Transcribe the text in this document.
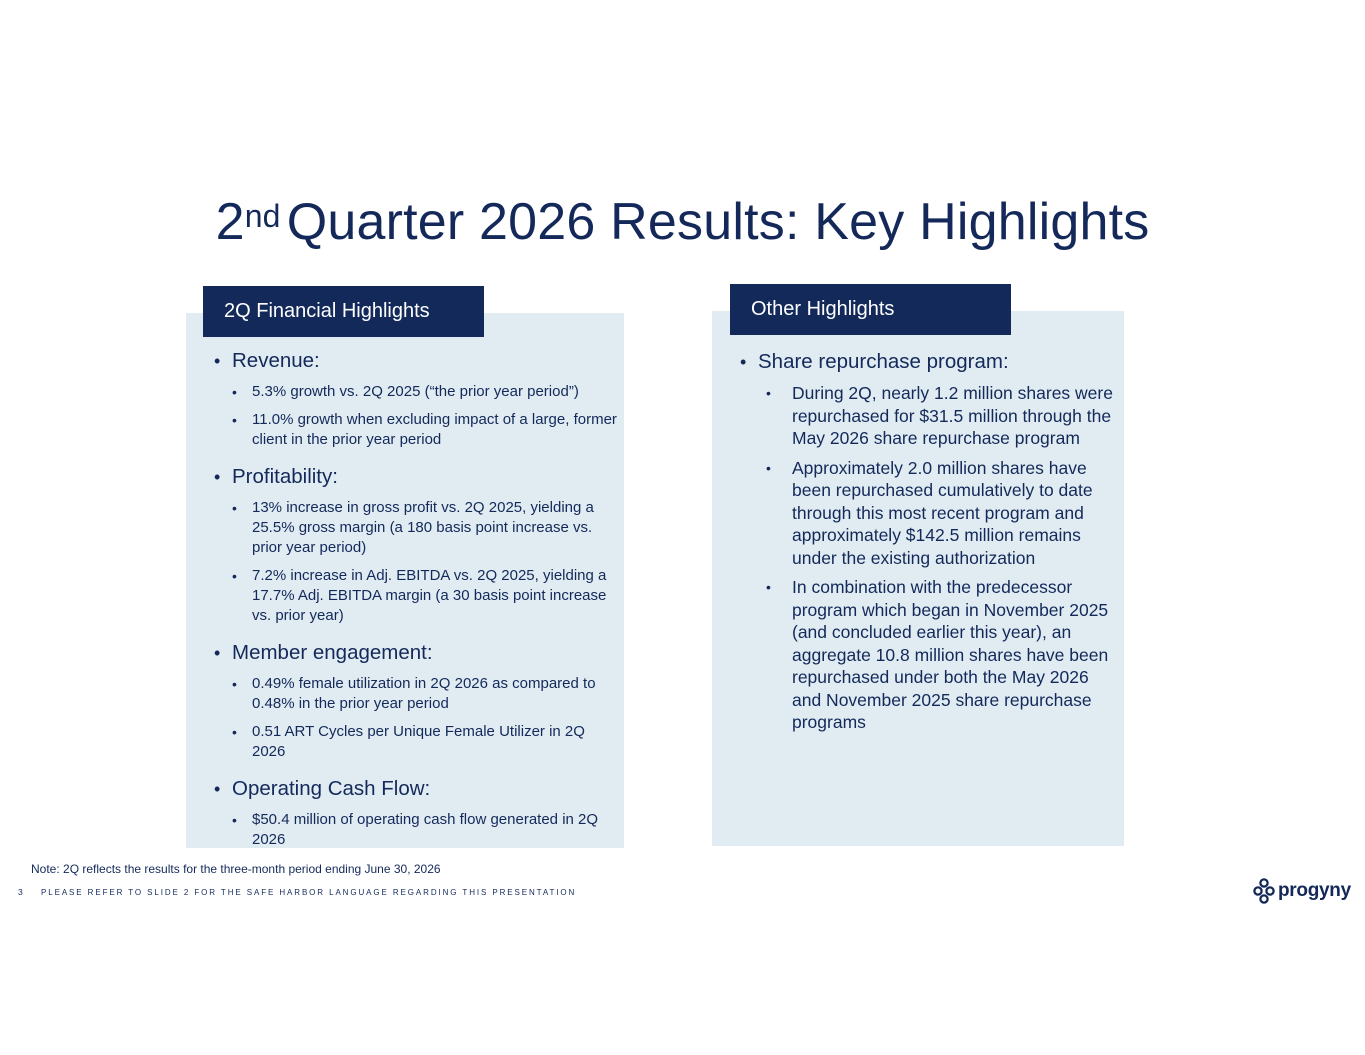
2nd Quarter 2026 Results: Key Highlights
2Q Financial Highlights
• Revenue:
• 5.3% growth vs. 2Q 2025 (“the prior year period”)
• 11.0% growth when excluding impact of a large, former client in the prior year period
• Profitability:
• 13% increase in gross profit vs. 2Q 2025, yielding a 25.5% gross margin (a 180 basis point increase vs. prior year period)
• 7.2% increase in Adj. EBITDA vs. 2Q 2025, yielding a 17.7% Adj. EBITDA margin (a 30 basis point increase vs. prior year)
• Member engagement:
• 0.49% female utilization in 2Q 2026 as compared to 0.48% in the prior year period
• 0.51 ART Cycles per Unique Female Utilizer in 2Q 2026
• Operating Cash Flow:
• $50.4 million of operating cash flow generated in 2Q 2026
Other Highlights
• Share repurchase program:
• During 2Q, nearly 1.2 million shares were repurchased for $31.5 million through the May 2026 share repurchase program
• Approximately 2.0 million shares have been repurchased cumulatively to date through this most recent program and approximately $142.5 million remains under the existing authorization
• In combination with the predecessor program which began in November 2025 (and concluded earlier this year), an aggregate 10.8 million shares have been repurchased under both the May 2026 and November 2025 share repurchase programs
Note: 2Q reflects the results for the three-month period ending June 30, 2026
3 PLEASE REFER TO SLIDE 2 FOR THE SAFE HARBOR LANGUAGE REGARDING THIS PRESENTATION	progyny
